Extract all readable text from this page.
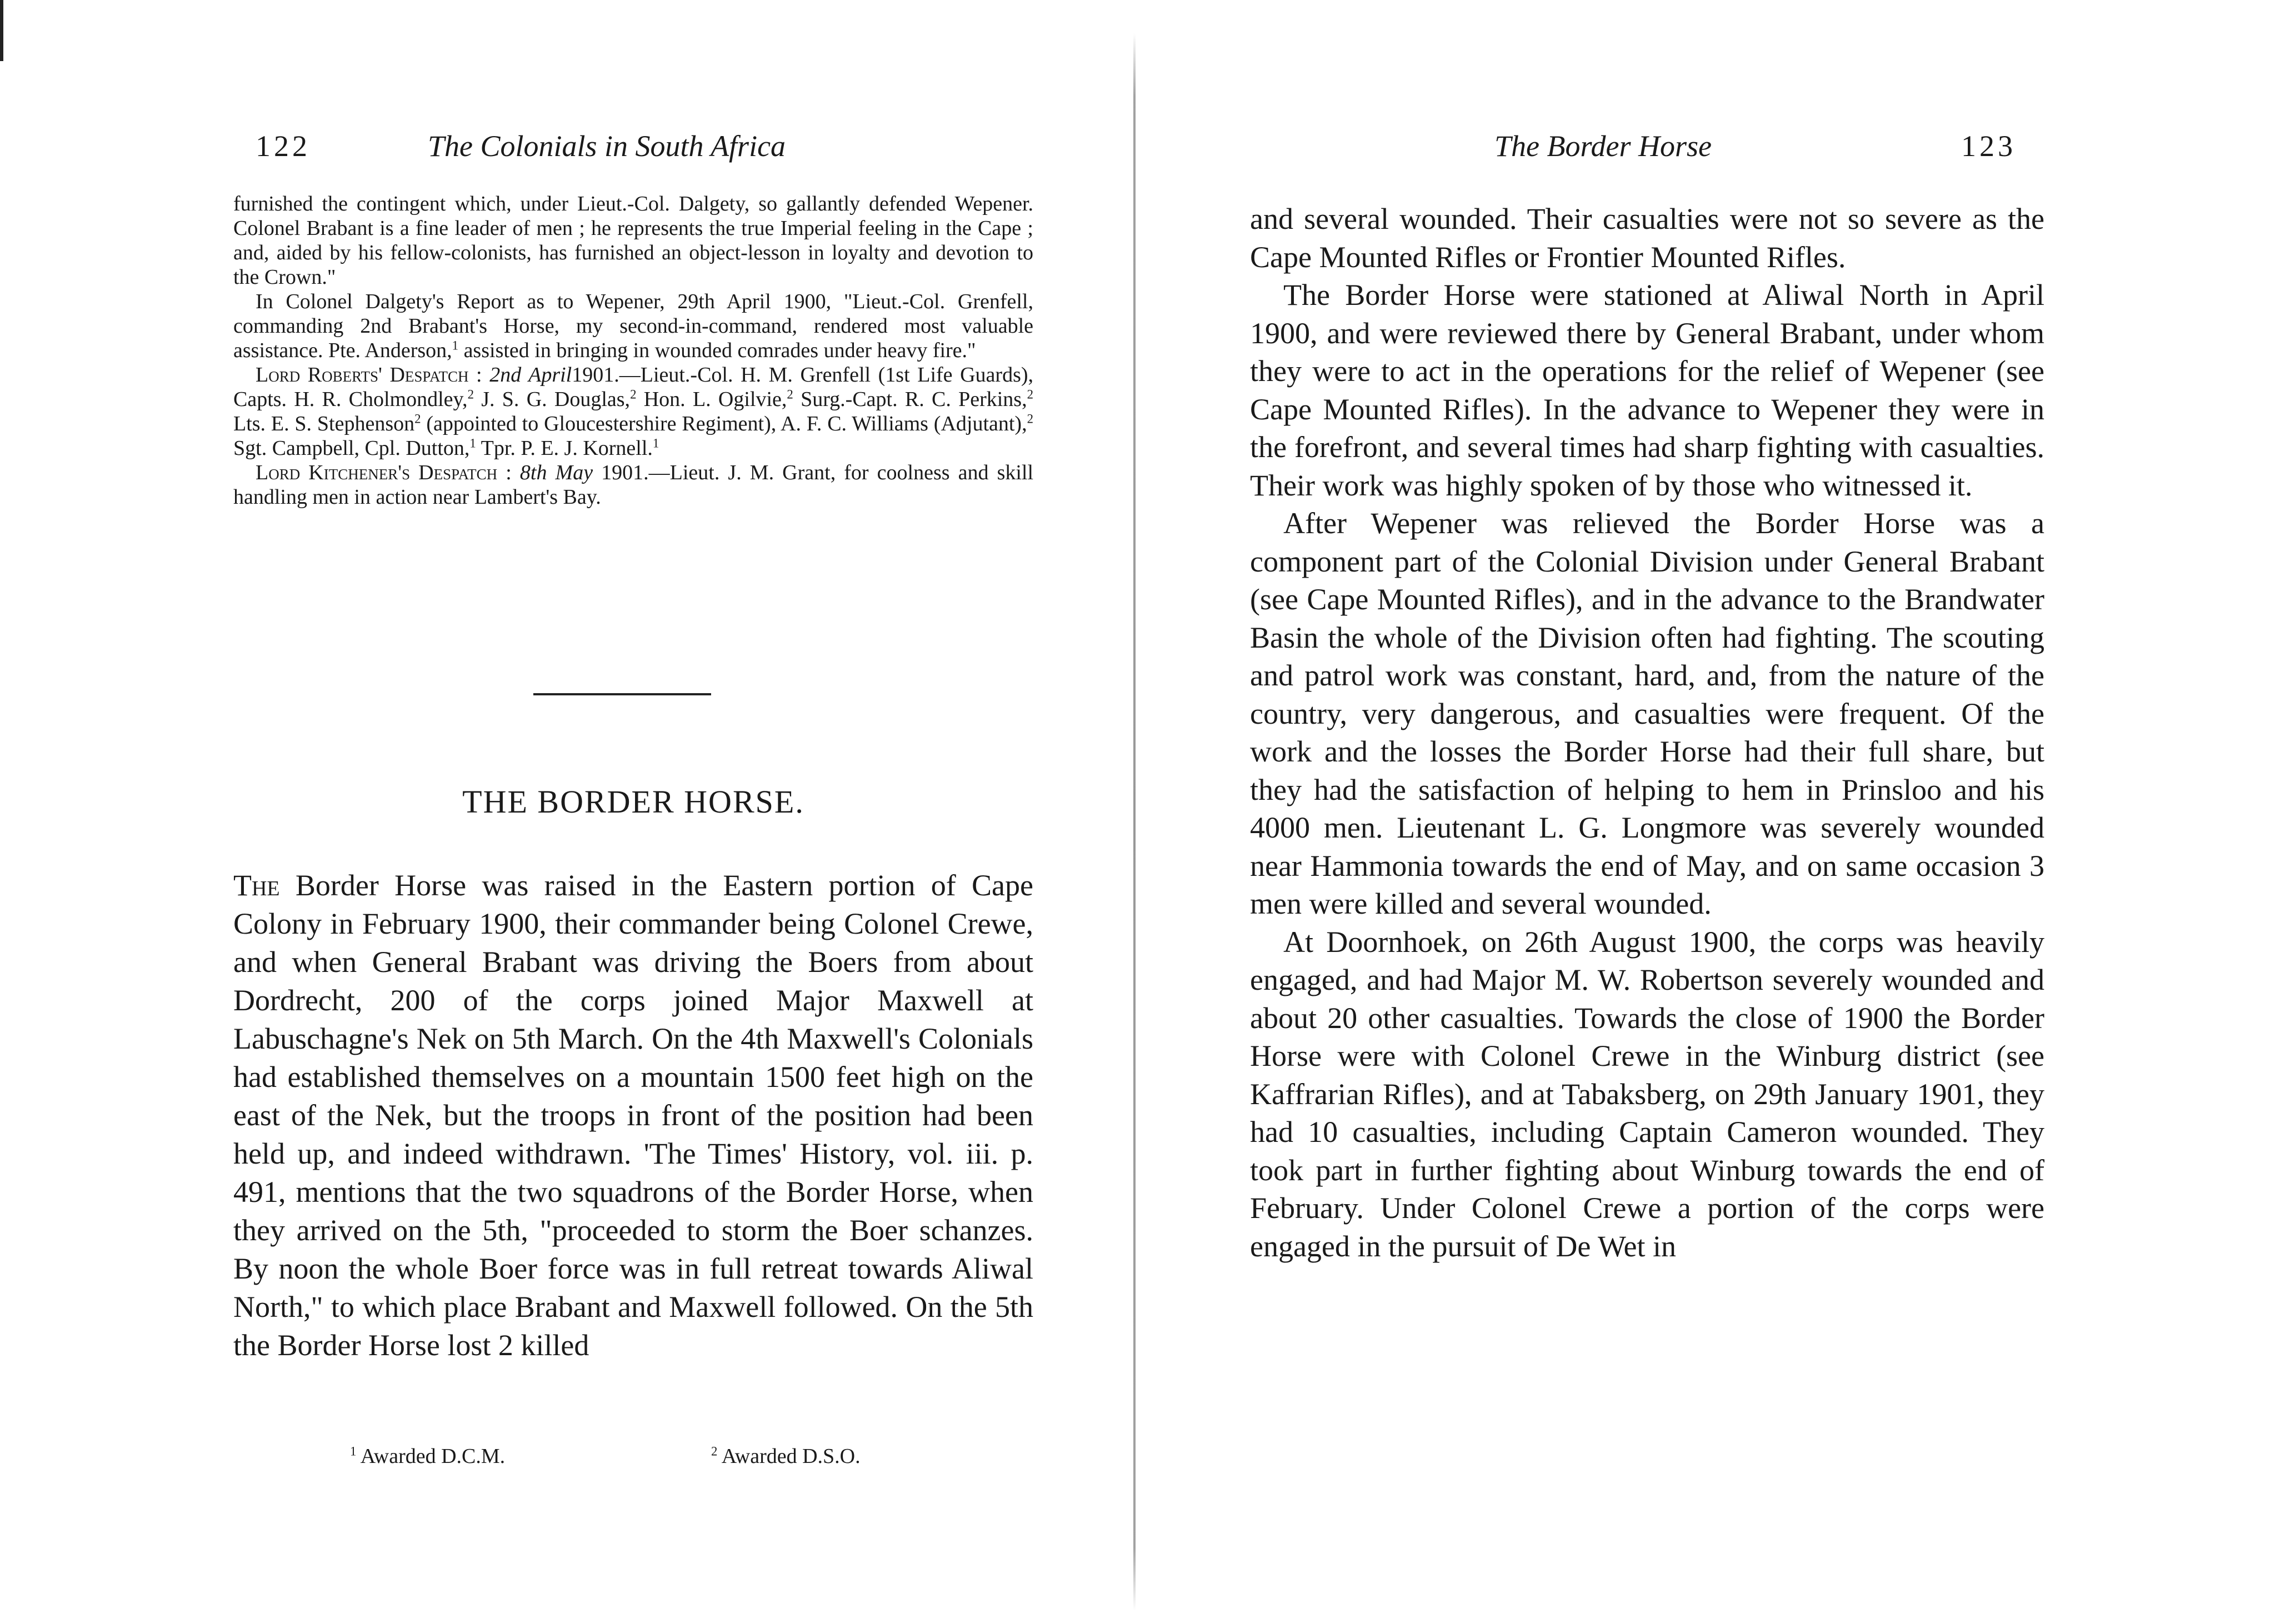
122	The Colonials in South Africa

furnished the contingent which, under Lieut.-Col. Dalgety, so gallantly defended Wepener. Colonel Brabant is a fine leader of men ; he represents the true Imperial feeling in the Cape ; and, aided by his fellow-colonists, has furnished an object-lesson in loyalty and devotion to the Crown."

In Colonel Dalgety's Report as to Wepener, 29th April 1900, "Lieut.-Col. Grenfell, commanding 2nd Brabant's Horse, my second-in-command, rendered most valuable assistance. Pte. Anderson,$^1$ assisted in bringing in wounded comrades under heavy fire."

Lord Roberts' Despatch : 2nd April1901.—Lieut.-Col. H. M. Grenfell (1st Life Guards), Capts. H. R. Cholmondley,$^2$ J. S. G. Douglas,$^2$ Hon. L. Ogilvie,$^2$ Surg.-Capt. R. C. Perkins,$^2$ Lts. E. S. Stephenson$^2$ (appointed to Gloucestershire Regiment), A. F. C. Williams (Adjutant),$^2$ Sgt. Campbell, Cpl. Dutton,$^1$ Tpr. P. E. J. Kornell.$^1$

Lord Kitchener's Despatch : 8th May 1901.—Lieut. J. M. Grant, for coolness and skill handling men in action near Lambert's Bay.

THE BORDER HORSE.

The Border Horse was raised in the Eastern portion of Cape Colony in February 1900, their commander being Colonel Crewe, and when General Brabant was driving the Boers from about Dordrecht, 200 of the corps joined Major Maxwell at Labuschagne's Nek on 5th March. On the 4th Maxwell's Colonials had established themselves on a mountain 1500 feet high on the east of the Nek, but the troops in front of the position had been held up, and indeed withdrawn. 'The Times' History, vol. iii. p. 491, mentions that the two squadrons of the Border Horse, when they arrived on the 5th, "proceeded to storm the Boer schanzes. By noon the whole Boer force was in full retreat towards Aliwal North," to which place Brabant and Maxwell followed. On the 5th the Border Horse lost 2 killed

$^1$ Awarded D.C.M.	$^2$ Awarded D.S.O.
The Border Horse	123

and several wounded. Their casualties were not so severe as the Cape Mounted Rifles or Frontier Mounted Rifles.

The Border Horse were stationed at Aliwal North in April 1900, and were reviewed there by General Brabant, under whom they were to act in the operations for the relief of Wepener (see Cape Mounted Rifles). In the advance to Wepener they were in the forefront, and several times had sharp fighting with casualties. Their work was highly spoken of by those who witnessed it.

After Wepener was relieved the Border Horse was a component part of the Colonial Division under General Brabant (see Cape Mounted Rifles), and in the advance to the Brandwater Basin the whole of the Division often had fighting. The scouting and patrol work was constant, hard, and, from the nature of the country, very dangerous, and casualties were frequent. Of the work and the losses the Border Horse had their full share, but they had the satisfaction of helping to hem in Prinsloo and his 4000 men. Lieutenant L. G. Longmore was severely wounded near Hammonia towards the end of May, and on same occasion 3 men were killed and several wounded.

At Doornhoek, on 26th August 1900, the corps was heavily engaged, and had Major M. W. Robertson severely wounded and about 20 other casualties. Towards the close of 1900 the Border Horse were with Colonel Crewe in the Winburg district (see Kaffrarian Rifles), and at Tabaksberg, on 29th January 1901, they had 10 casualties, including Captain Cameron wounded. They took part in further fighting about Winburg towards the end of February. Under Colonel Crewe a portion of the corps were engaged in the pursuit of De Wet in
